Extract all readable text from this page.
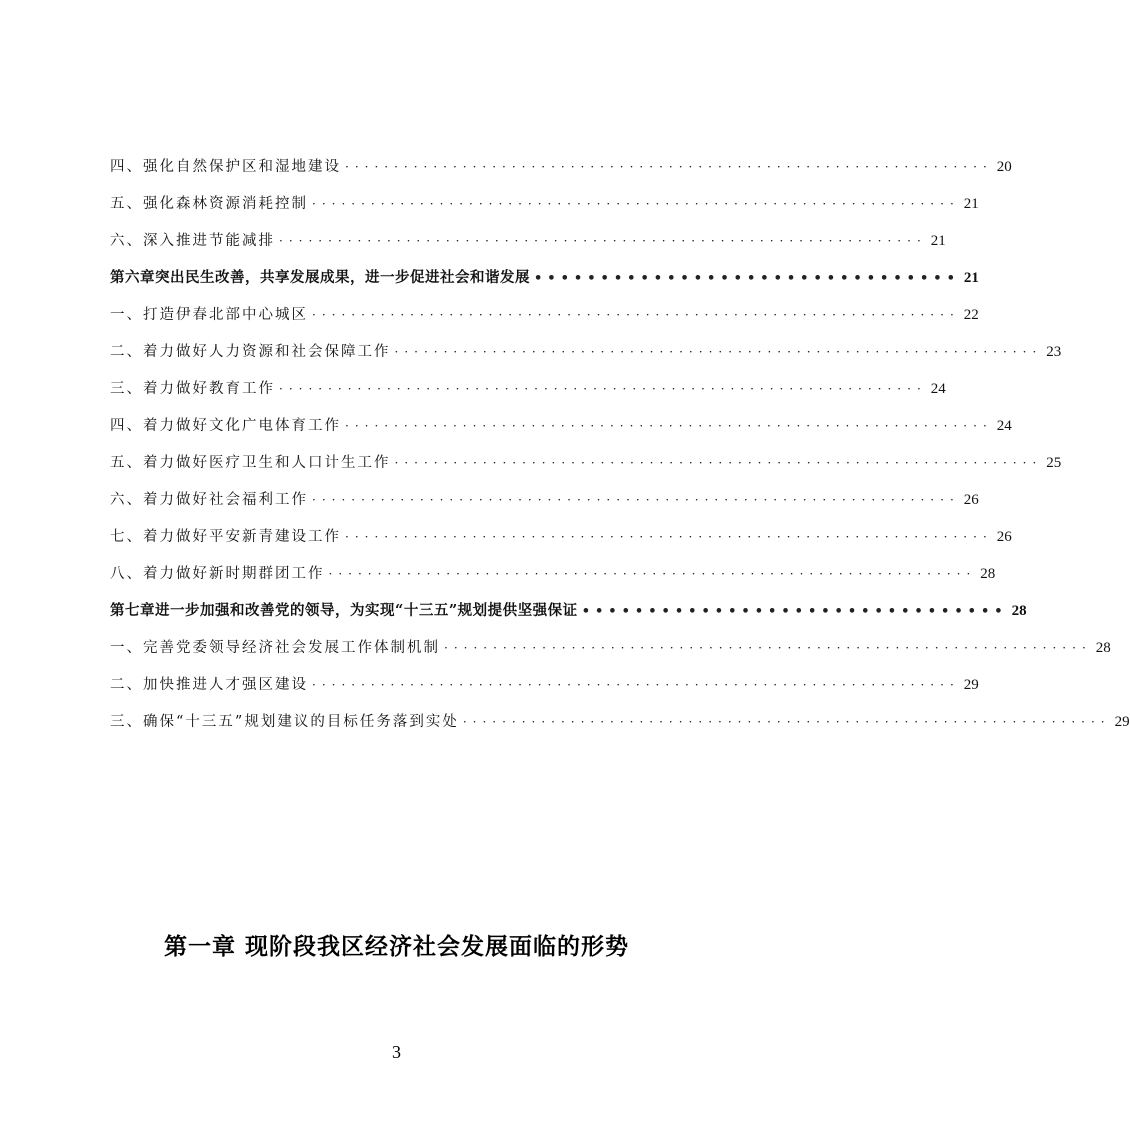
四、强化自然保护区和湿地建设 ·································································· 20
五、强化森林资源消耗控制 ·································································· 21
六、深入推进节能减排 ·································································· 21
第六章突出民生改善，共享发展成果，进一步促进社会和谐发展 •••••••••••••••••••••••••••••••• 21
一、打造伊春北部中心城区 ·································································· 22
二、着力做好人力资源和社会保障工作 ·································································· 23
三、着力做好教育工作 ·································································· 24
四、着力做好文化广电体育工作 ·································································· 24
五、着力做好医疗卫生和人口计生工作 ·································································· 25
六、着力做好社会福利工作 ·································································· 26
七、着力做好平安新青建设工作 ·································································· 26
八、着力做好新时期群团工作 ·································································· 28
第七章进一步加强和改善党的领导，为实现“十三五”规划提供坚强保证 •••••••••••••••••••••••••••••••• 28
一、完善党委领导经济社会发展工作体制机制 ·································································· 28
二、加快推进人才强区建设 ·································································· 29
三、确保“十三五”规划建议的目标任务落到实处 ·································································· 29
第一章 现阶段我区经济社会发展面临的形势
3
